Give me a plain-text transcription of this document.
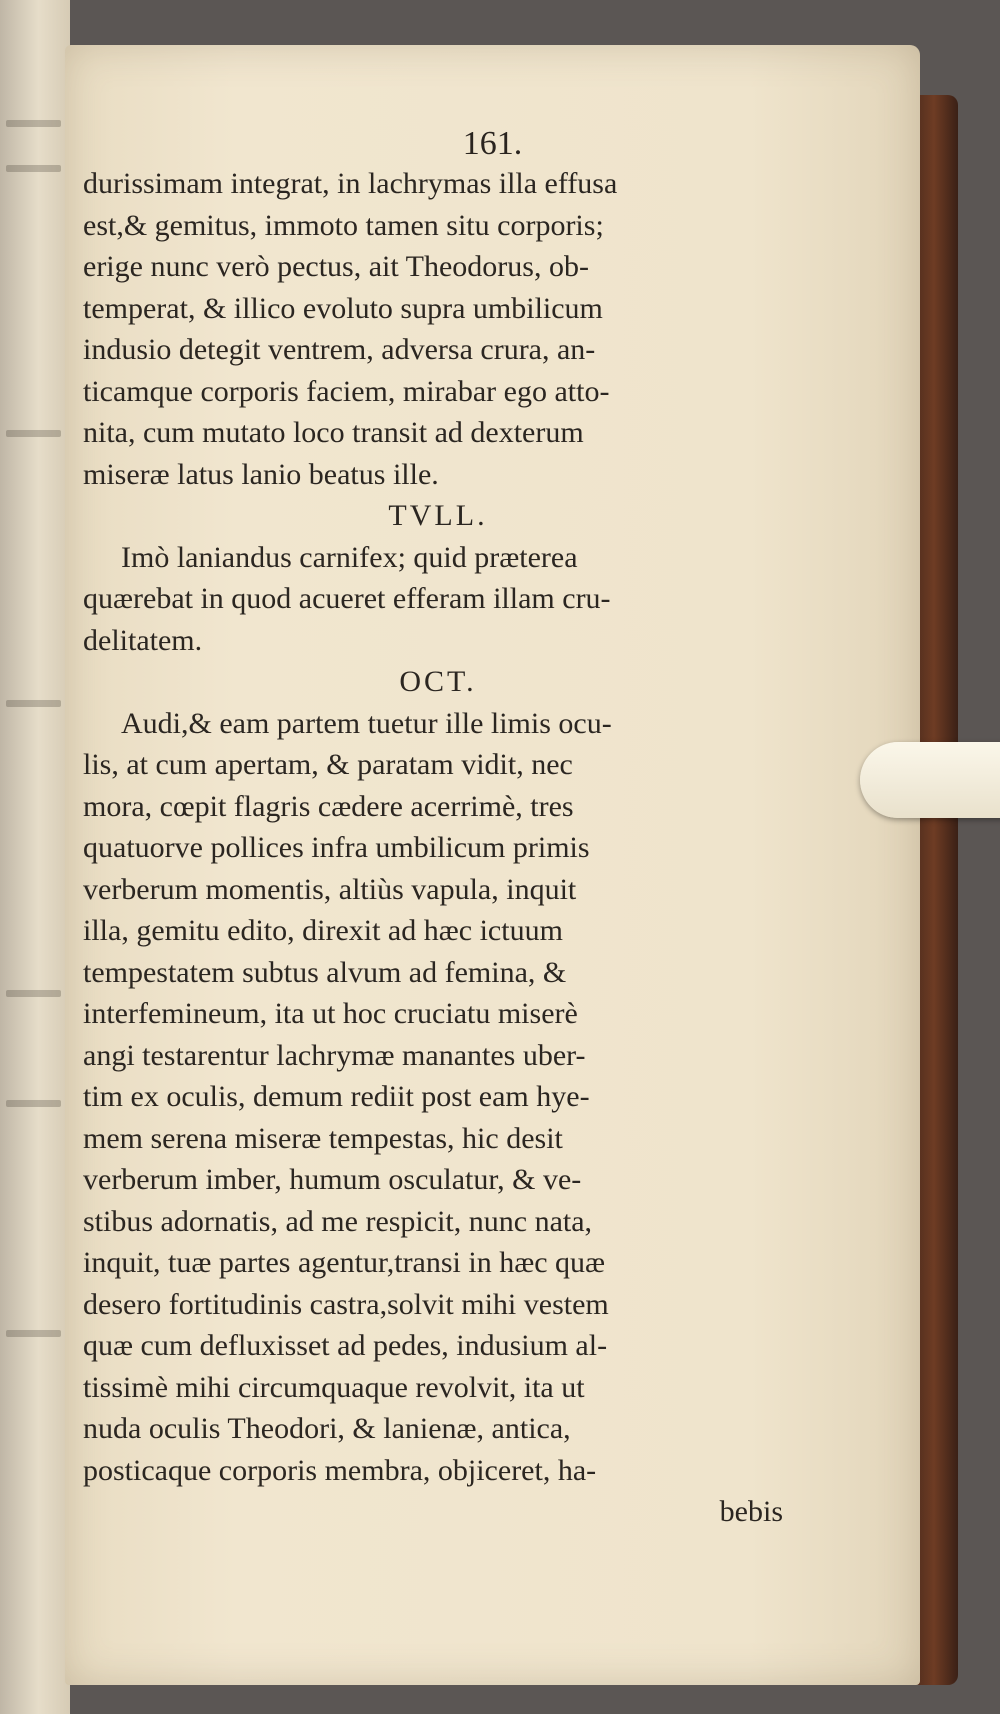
161.
durissimam integrat, in lachrymas illa effusa
est,& gemitus, immoto tamen situ corporis;
erige nunc verò pectus, ait Theodorus, ob-
temperat, & illico evoluto supra umbilicum
indusio detegit ventrem, adversa crura, an-
ticamque corporis faciem, mirabar ego atto-
nita, cum mutato loco transit ad dexterum
miseræ latus lanio beatus ille.
TVLL.
Imò laniandus carnifex; quid præterea
quærebat in quod acueret efferam illam cru-
delitatem.
OCT.
Audi,& eam partem tuetur ille limis ocu-
lis, at cum apertam, & paratam vidit, nec
mora, cœpit flagris cædere acerrimè, tres
quatuorve pollices infra umbilicum primis
verberum momentis, altiùs vapula, inquit
illa, gemitu edito, direxit ad hæc ictuum
tempestatem subtus alvum ad femina, &
interfemineum, ita ut hoc cruciatu miserè
angi testarentur lachrymæ manantes uber-
tim ex oculis, demum rediit post eam hye-
mem serena miseræ tempestas, hic desit
verberum imber, humum osculatur, & ve-
stibus adornatis, ad me respicit, nunc nata,
inquit, tuæ partes agentur,transi in hæc quæ
desero fortitudinis castra,solvit mihi vestem
quæ cum defluxisset ad pedes, indusium al-
tissimè mihi circumquaque revolvit, ita ut
nuda oculis Theodori, & lanienæ, antica,
posticaque corporis membra, objiceret, ha-
bebis
